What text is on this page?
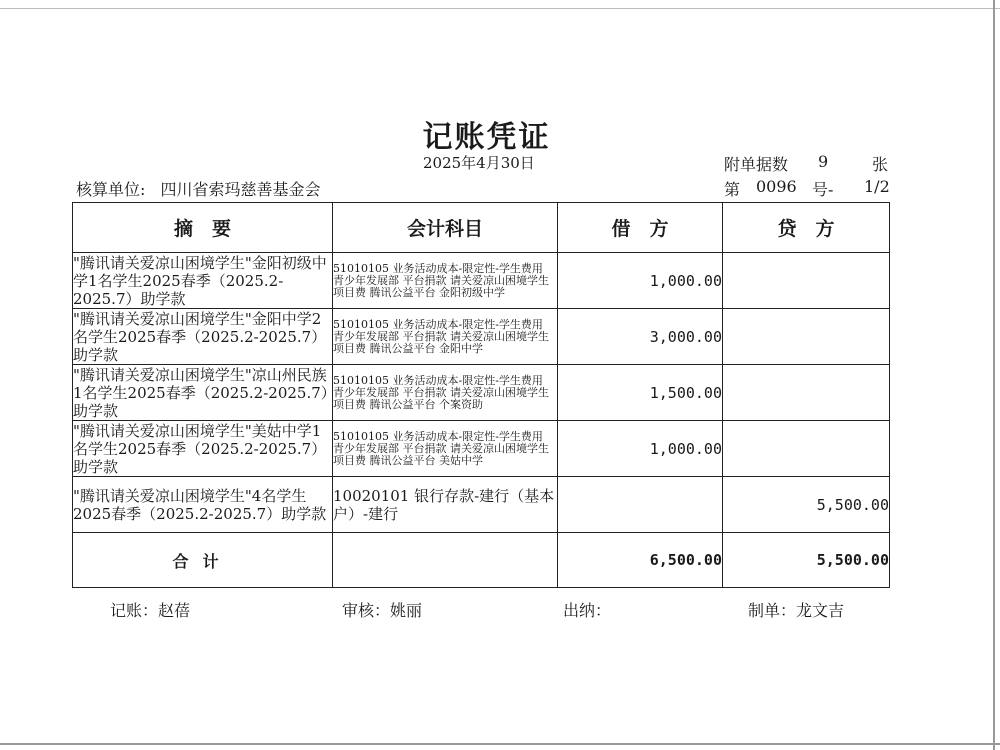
记账凭证
2025年4月30日	附单据数 9	张
核算单位: 四川省索玛慈善基金会	第 0096 号- 1/2
摘　要	会计科目	借　方	贷　方
"腾讯请关爱凉山困境学生"金阳初级中学1名学生2025春季（2025.2-2025.7）助学款	51010105 业务活动成本-限定性-学生费用 青少年发展部 平台捐款 请关爱凉山困境学生 项目费 腾讯公益平台 金阳初级中学	1,000.00	
"腾讯请关爱凉山困境学生"金阳中学2名学生2025春季（2025.2-2025.7）助学款	51010105 业务活动成本-限定性-学生费用 青少年发展部 平台捐款 请关爱凉山困境学生 项目费 腾讯公益平台 金阳中学	3,000.00	
"腾讯请关爱凉山困境学生"凉山州民族1名学生2025春季（2025.2-2025.7）助学款	51010105 业务活动成本-限定性-学生费用 青少年发展部 平台捐款 请关爱凉山困境学生 项目费 腾讯公益平台 个案资助	1,500.00	
"腾讯请关爱凉山困境学生"美姑中学1名学生2025春季（2025.2-2025.7）助学款	51010105 业务活动成本-限定性-学生费用 青少年发展部 平台捐款 请关爱凉山困境学生 项目费 腾讯公益平台 美姑中学	1,000.00	
"腾讯请关爱凉山困境学生"4名学生2025春季（2025.2-2025.7）助学款	10020101 银行存款-建行（基本户）-建行		5,500.00
合计		6,500.00	5,500.00
记账：赵蓓	审核：姚丽	出纳：	制单：龙文吉
